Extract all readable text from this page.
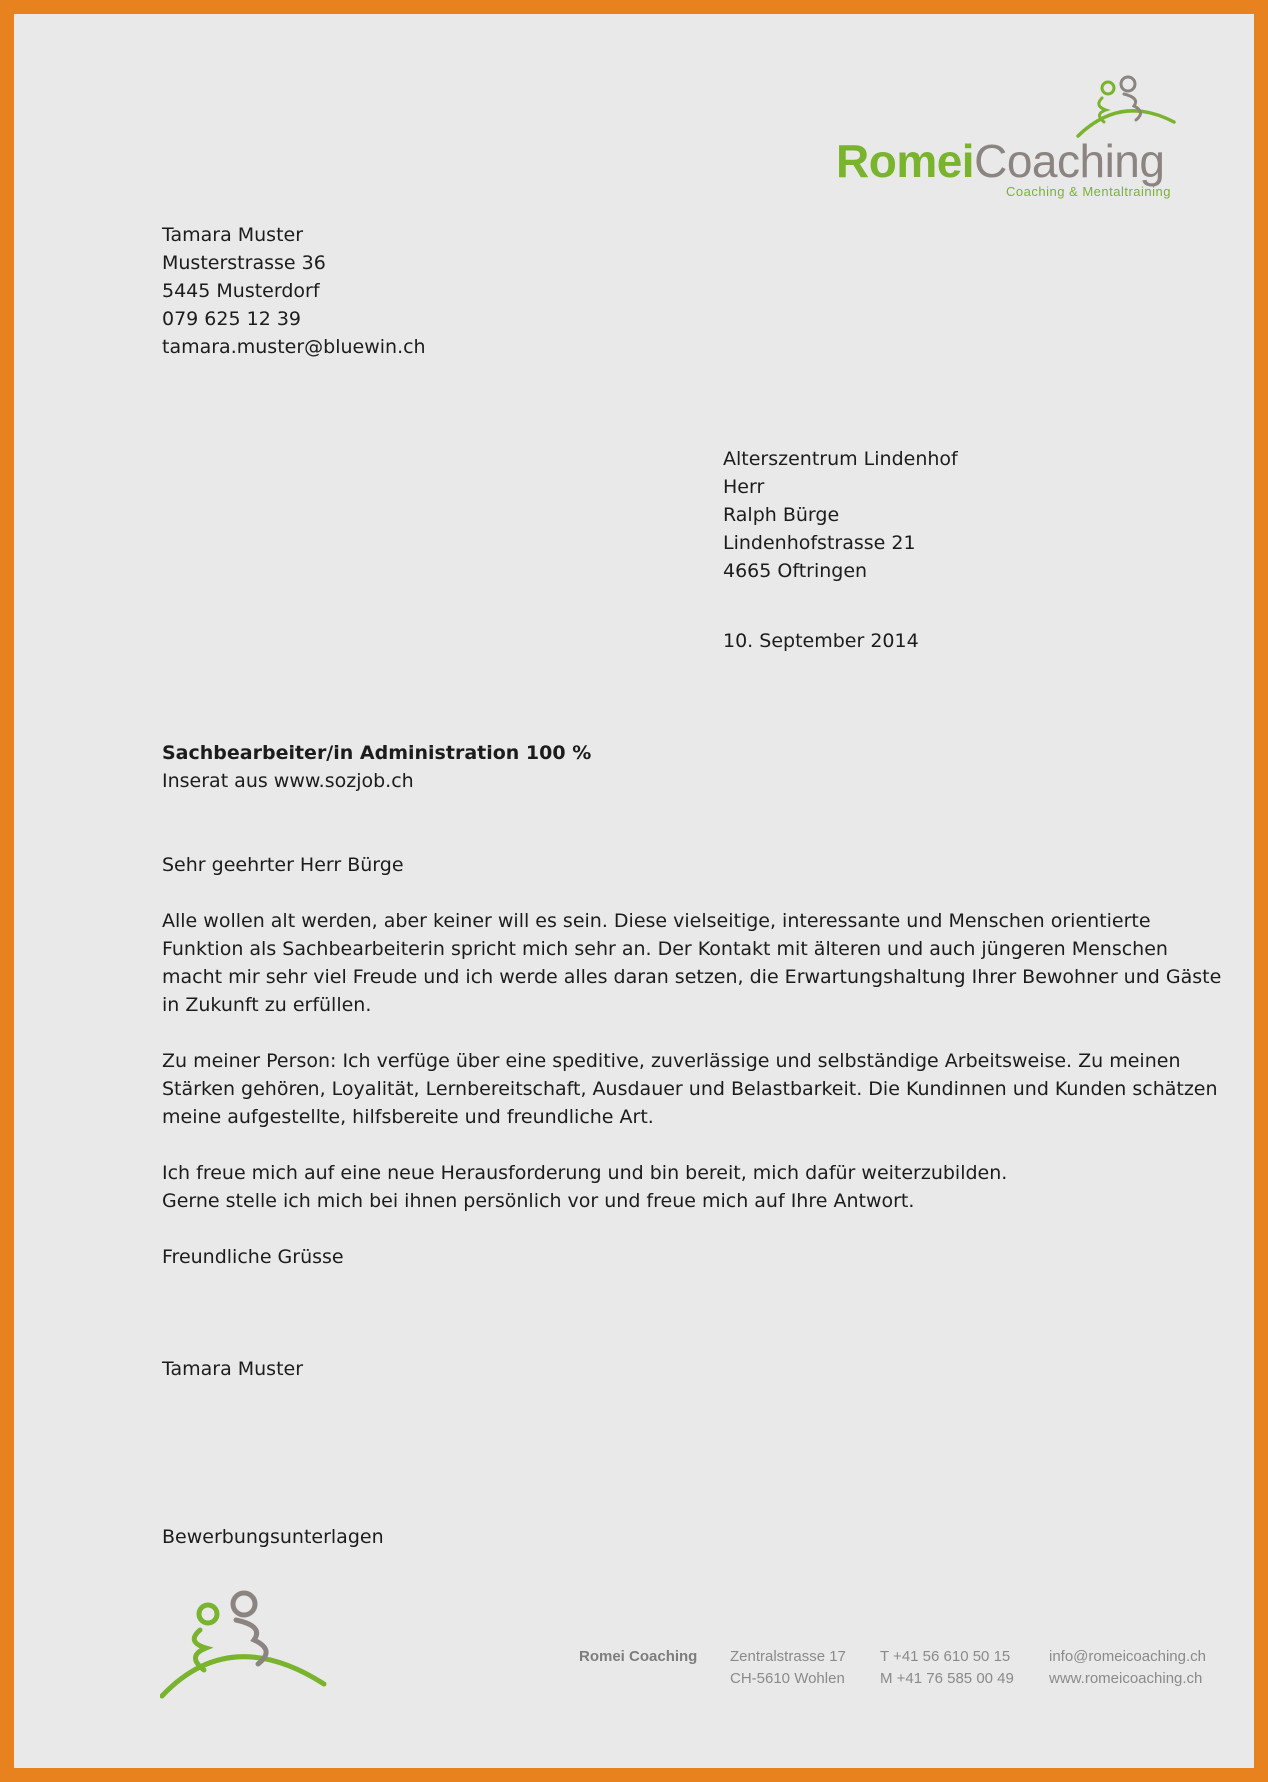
RomeiCoaching
Coaching & Mentaltraining
Tamara Muster
Musterstrasse 36
5445 Musterdorf
079 625 12 39
tamara.muster@bluewin.ch
Alterszentrum Lindenhof
Herr
Ralph Bürge
Lindenhofstrasse 21
4665 Oftringen
10. September 2014
Sachbearbeiter/in Administration 100 %
Inserat aus www.sozjob.ch
Sehr geehrter Herr Bürge
Alle wollen alt werden, aber keiner will es sein. Diese vielseitige, interessante und Menschen orientierte
Funktion als Sachbearbeiterin spricht mich sehr an. Der Kontakt mit älteren und auch jüngeren Menschen
macht mir sehr viel Freude und ich werde alles daran setzen, die Erwartungshaltung Ihrer Bewohner und Gäste
in Zukunft zu erfüllen.
Zu meiner Person: Ich verfüge über eine speditive, zuverlässige und selbständige Arbeitsweise. Zu meinen
Stärken gehören, Loyalität, Lernbereitschaft, Ausdauer und Belastbarkeit. Die Kundinnen und Kunden schätzen
meine aufgestellte, hilfsbereite und freundliche Art.
Ich freue mich auf eine neue Herausforderung und bin bereit, mich dafür weiterzubilden.
Gerne stelle ich mich bei ihnen persönlich vor und freue mich auf Ihre Antwort.
Freundliche Grüsse
Tamara Muster
Bewerbungsunterlagen
Romei Coaching Zentralstrasse 17
CH-5610 Wohlen
T +41 56 610 50 15
M +41 76 585 00 49
info@romeicoaching.ch
www.romeicoaching.ch
